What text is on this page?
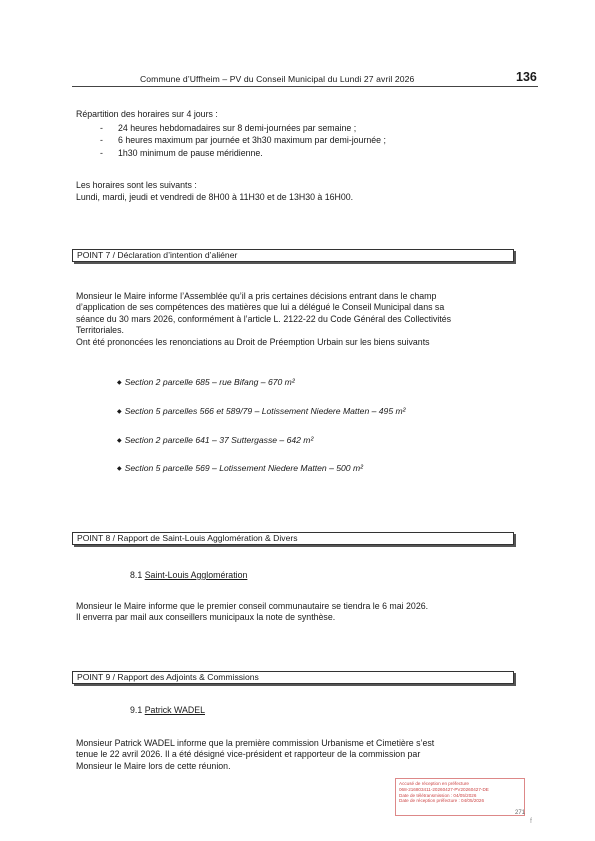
Commune d’Uffheim – PV du Conseil Municipal du Lundi 27 avril 2026	136
Répartition des horaires sur 4 jours :
- 24 heures hebdomadaires sur 8 demi-journées par semaine ;
- 6 heures maximum par journée et 3h30 maximum par demi-journée ;
- 1h30 minimum de pause méridienne.
Les horaires sont les suivants :
Lundi, mardi, jeudi et vendredi de 8H00 à 11H30 et de 13H30 à 16H00.
POINT 7 / Déclaration d’intention d’aliéner
Monsieur le Maire informe l’Assemblée qu’il a pris certaines décisions entrant dans le champ
d’application de ses compétences des matières que lui a délégué le Conseil Municipal dans sa
séance du 30 mars 2026, conformément à l’article L. 2122-22 du Code Général des Collectivités
Territoriales.
Ont été prononcées les renonciations au Droit de Préemption Urbain sur les biens suivants
◆ Section 2 parcelle 685 – rue Bifang – 670 m²
◆ Section 5 parcelles 566 et 589/79 – Lotissement Niedere Matten – 495 m²
◆ Section 2 parcelle 641 – 37 Suttergasse – 642 m²
◆ Section 5 parcelle 569 – Lotissement Niedere Matten – 500 m²
POINT 8 / Rapport de Saint-Louis Agglomération & Divers
8.1 Saint-Louis Agglomération
Monsieur le Maire informe que le premier conseil communautaire se tiendra le 6 mai 2026.
Il enverra par mail aux conseillers municipaux la note de synthèse.
POINT 9 / Rapport des Adjoints & Commissions
9.1 Patrick WADEL
Monsieur Patrick WADEL informe que la première commission Urbanisme et Cimetière s’est
tenue le 22 avril 2026. Il a été désigné vice-président et rapporteur de la commission par
Monsieur le Maire lors de cette réunion.
Accusé de réception en préfecture
068-216803411-20260427-PV20260427-DE
Date de télétransmission : 04/05/2026
Date de réception préfecture : 04/05/2026
271
f
